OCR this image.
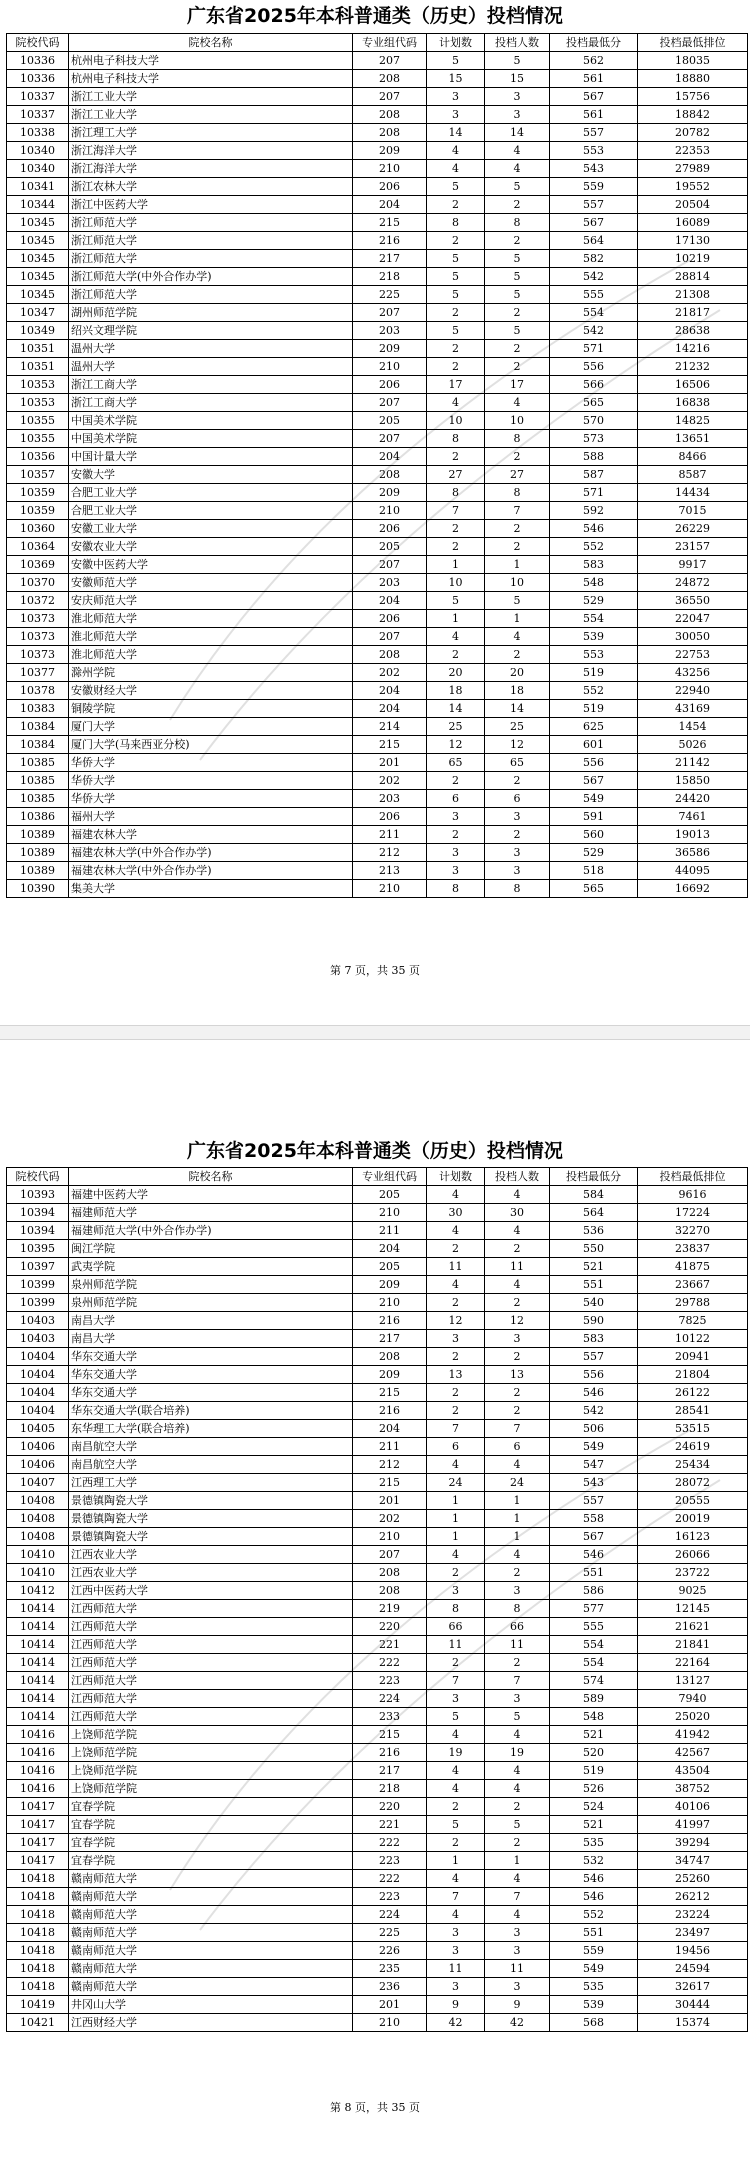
广东省2025年本科普通类（历史）投档情况
院校代码	院校名称	专业组代码	计划数	投档人数	投档最低分	投档最低排位
10336	杭州电子科技大学	207	5	5	562	18035
10336	杭州电子科技大学	208	15	15	561	18880
10337	浙江工业大学	207	3	3	567	15756
10337	浙江工业大学	208	3	3	561	18842
10338	浙江理工大学	208	14	14	557	20782
10340	浙江海洋大学	209	4	4	553	22353
10340	浙江海洋大学	210	4	4	543	27989
10341	浙江农林大学	206	5	5	559	19552
10344	浙江中医药大学	204	2	2	557	20504
10345	浙江师范大学	215	8	8	567	16089
10345	浙江师范大学	216	2	2	564	17130
10345	浙江师范大学	217	5	5	582	10219
10345	浙江师范大学(中外合作办学)	218	5	5	542	28814
10345	浙江师范大学	225	5	5	555	21308
10347	湖州师范学院	207	2	2	554	21817
10349	绍兴文理学院	203	5	5	542	28638
10351	温州大学	209	2	2	571	14216
10351	温州大学	210	2	2	556	21232
10353	浙江工商大学	206	17	17	566	16506
10353	浙江工商大学	207	4	4	565	16838
10355	中国美术学院	205	10	10	570	14825
10355	中国美术学院	207	8	8	573	13651
10356	中国计量大学	204	2	2	588	8466
10357	安徽大学	208	27	27	587	8587
10359	合肥工业大学	209	8	8	571	14434
10359	合肥工业大学	210	7	7	592	7015
10360	安徽工业大学	206	2	2	546	26229
10364	安徽农业大学	205	2	2	552	23157
10369	安徽中医药大学	207	1	1	583	9917
10370	安徽师范大学	203	10	10	548	24872
10372	安庆师范大学	204	5	5	529	36550
10373	淮北师范大学	206	1	1	554	22047
10373	淮北师范大学	207	4	4	539	30050
10373	淮北师范大学	208	2	2	553	22753
10377	滁州学院	202	20	20	519	43256
10378	安徽财经大学	204	18	18	552	22940
10383	铜陵学院	204	14	14	519	43169
10384	厦门大学	214	25	25	625	1454
10384	厦门大学(马来西亚分校)	215	12	12	601	5026
10385	华侨大学	201	65	65	556	21142
10385	华侨大学	202	2	2	567	15850
10385	华侨大学	203	6	6	549	24420
10386	福州大学	206	3	3	591	7461
10389	福建农林大学	211	2	2	560	19013
10389	福建农林大学(中外合作办学)	212	3	3	529	36586
10389	福建农林大学(中外合作办学)	213	3	3	518	44095
10390	集美大学	210	8	8	565	16692
第 7 页，共 35 页
广东省2025年本科普通类（历史）投档情况
院校代码	院校名称	专业组代码	计划数	投档人数	投档最低分	投档最低排位
10393	福建中医药大学	205	4	4	584	9616
10394	福建师范大学	210	30	30	564	17224
10394	福建师范大学(中外合作办学)	211	4	4	536	32270
10395	闽江学院	204	2	2	550	23837
10397	武夷学院	205	11	11	521	41875
10399	泉州师范学院	209	4	4	551	23667
10399	泉州师范学院	210	2	2	540	29788
10403	南昌大学	216	12	12	590	7825
10403	南昌大学	217	3	3	583	10122
10404	华东交通大学	208	2	2	557	20941
10404	华东交通大学	209	13	13	556	21804
10404	华东交通大学	215	2	2	546	26122
10404	华东交通大学(联合培养)	216	2	2	542	28541
10405	东华理工大学(联合培养)	204	7	7	506	53515
10406	南昌航空大学	211	6	6	549	24619
10406	南昌航空大学	212	4	4	547	25434
10407	江西理工大学	215	24	24	543	28072
10408	景德镇陶瓷大学	201	1	1	557	20555
10408	景德镇陶瓷大学	202	1	1	558	20019
10408	景德镇陶瓷大学	210	1	1	567	16123
10410	江西农业大学	207	4	4	546	26066
10410	江西农业大学	208	2	2	551	23722
10412	江西中医药大学	208	3	3	586	9025
10414	江西师范大学	219	8	8	577	12145
10414	江西师范大学	220	66	66	555	21621
10414	江西师范大学	221	11	11	554	21841
10414	江西师范大学	222	2	2	554	22164
10414	江西师范大学	223	7	7	574	13127
10414	江西师范大学	224	3	3	589	7940
10414	江西师范大学	233	5	5	548	25020
10416	上饶师范学院	215	4	4	521	41942
10416	上饶师范学院	216	19	19	520	42567
10416	上饶师范学院	217	4	4	519	43504
10416	上饶师范学院	218	4	4	526	38752
10417	宜春学院	220	2	2	524	40106
10417	宜春学院	221	5	5	521	41997
10417	宜春学院	222	2	2	535	39294
10417	宜春学院	223	1	1	532	34747
10418	赣南师范大学	222	4	4	546	25260
10418	赣南师范大学	223	7	7	546	26212
10418	赣南师范大学	224	4	4	552	23224
10418	赣南师范大学	225	3	3	551	23497
10418	赣南师范大学	226	3	3	559	19456
10418	赣南师范大学	235	11	11	549	24594
10418	赣南师范大学	236	3	3	535	32617
10419	井冈山大学	201	9	9	539	30444
10421	江西财经大学	210	42	42	568	15374
第 8 页，共 35 页
